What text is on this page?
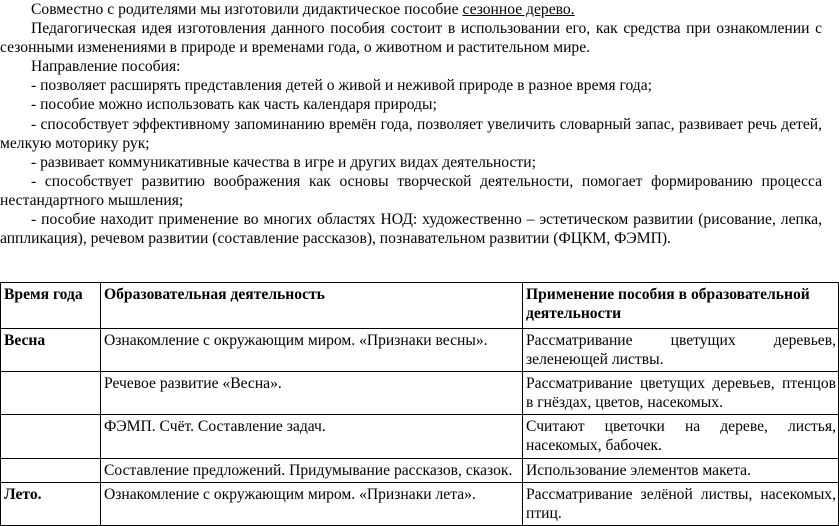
Совместно с родителями мы изготовили дидактическое пособие сезонное дерево.

Педагогическая идея изготовления данного пособия состоит в использовании его, как средства при ознакомлении с сезонными изменениями в природе и временами года, о животном и растительном мире.

Направление пособия:

- позволяет расширять представления детей о живой и неживой природе в разное время года;

- пособие можно использовать как часть календаря природы;

- способствует эффективному запоминанию времён года, позволяет увеличить словарный запас, развивает речь детей, мелкую моторику рук;

- развивает коммуникативные качества в игре и других видах деятельности;

- способствует развитию воображения как основы творческой деятельности, помогает формированию процесса нестандартного мышления;

- пособие находит применение во многих областях НОД: художественно – эстетическом развитии (рисование, лепка, аппликация), речевом развитии (составление рассказов), познавательном развитии (ФЦКМ, ФЭМП).

Время года	Образовательная деятельность	Применение пособия в образовательной деятельности
Весна	Ознакомление с окружающим миром. «Признаки весны».	Рассматривание цветущих деревьев, зеленеющей листвы.
	Речевое развитие «Весна».	Рассматривание цветущих деревьев, птенцов в гнёздах, цветов, насекомых.
	ФЭМП. Счёт. Составление задач.	Считают цветочки на дереве, листья, насекомых, бабочек.
	Составление предложений. Придумывание рассказов, сказок.	Использование элементов макета.
Лето.	Ознакомление с окружающим миром. «Признаки лета».	Рассматривание зелёной листвы, насекомых, птиц.
